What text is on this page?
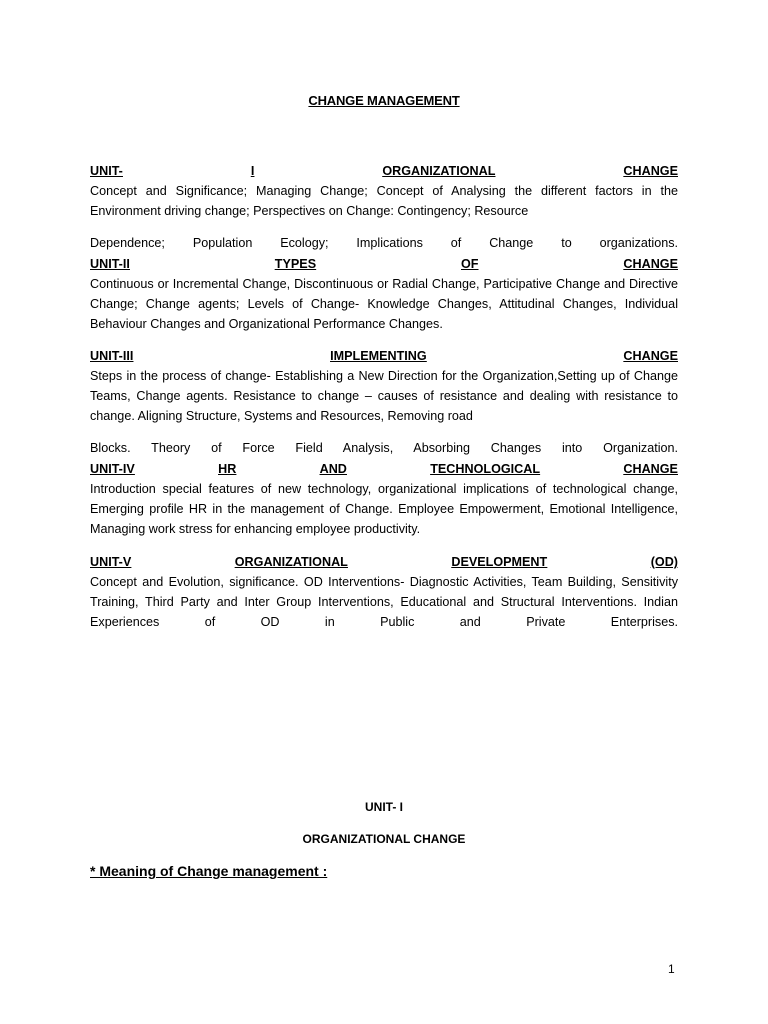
CHANGE MANAGEMENT
UNIT-	I	ORGANIZATIONAL	CHANGE
Concept and Significance; Managing Change; Concept of Analysing the different factors in the Environment driving change; Perspectives on Change: Contingency; Resource
Dependence; Population Ecology; Implications of Change to organizations.
UNIT-II	TYPES	OF	CHANGE
Continuous or Incremental Change, Discontinuous or Radial Change, Participative Change and Directive Change; Change agents; Levels of Change- Knowledge Changes, Attitudinal Changes, Individual Behaviour Changes and Organizational Performance Changes.
UNIT-III	IMPLEMENTING	CHANGE
Steps in the process of change- Establishing a New Direction for the Organization,Setting up of Change Teams, Change agents. Resistance to change – causes of resistance and dealing with resistance to change. Aligning Structure, Systems and Resources, Removing road
Blocks. Theory of Force Field Analysis, Absorbing Changes into Organization.
UNIT-IV	HR	AND	TECHNOLOGICAL	CHANGE
Introduction special features of new technology, organizational implications of technological change, Emerging profile HR in the management of Change. Employee Empowerment, Emotional Intelligence, Managing work stress for enhancing employee productivity.
UNIT-V	ORGANIZATIONAL	DEVELOPMENT	(OD)
Concept and Evolution, significance. OD Interventions- Diagnostic Activities, Team Building, Sensitivity Training, Third Party and Inter Group Interventions, Educational and Structural Interventions. Indian Experiences of OD in Public and Private Enterprises.
UNIT- I
ORGANIZATIONAL CHANGE
* Meaning of Change management :
1
